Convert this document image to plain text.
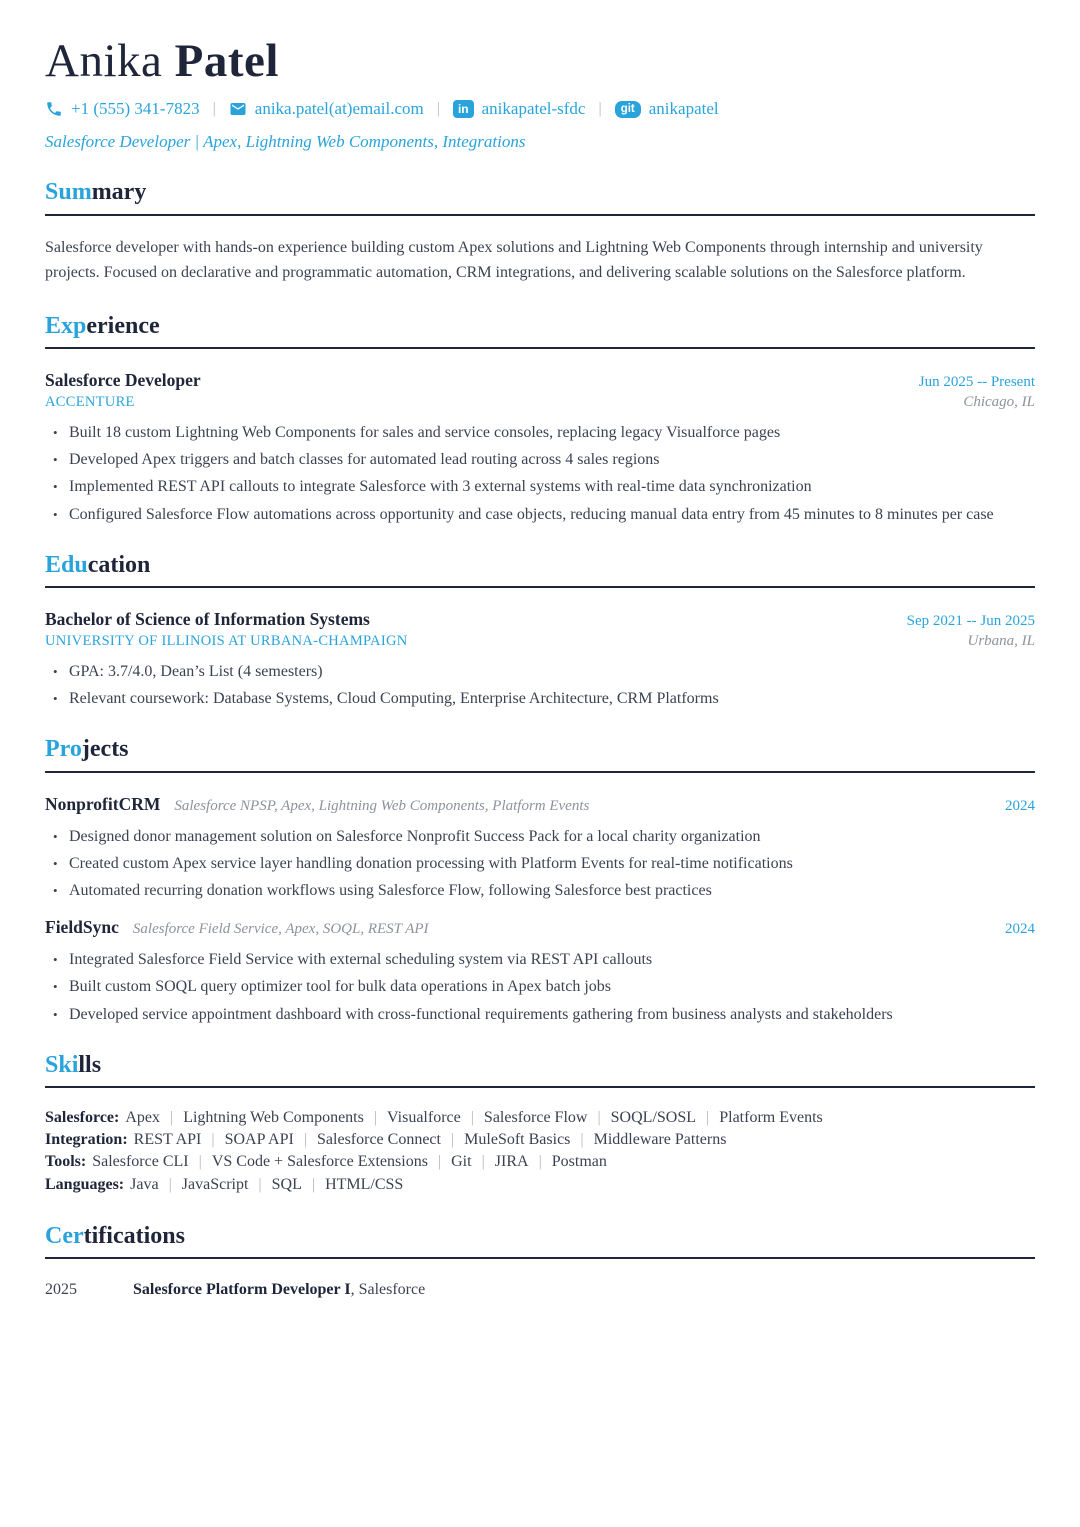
Anika Patel
+1 (555) 341-7823 | anika.patel(at)email.com |	in anikapatel-sfdc |	git anikapatel
Salesforce Developer | Apex, Lightning Web Components, Integrations
Summary

Salesforce developer with hands-on experience building custom Apex solutions and Lightning Web Components through internship and university projects. Focused on declarative and programmatic automation, CRM integrations, and delivering scalable solutions on the Salesforce platform.

Experience
Salesforce Developer	Jun 2025 -- Present
ACCENTURE	Chicago, IL
• Built 18 custom Lightning Web Components for sales and service consoles, replacing legacy Visualforce pages
• Developed Apex triggers and batch classes for automated lead routing across 4 sales regions
• Implemented REST API callouts to integrate Salesforce with 3 external systems with real-time data synchronization
• Configured Salesforce Flow automations across opportunity and case objects, reducing manual data entry from 45 minutes to 8 minutes per case
Education
Bachelor of Science of Information Systems	Sep 2021 -- Jun 2025
UNIVERSITY OF ILLINOIS AT URBANA-CHAMPAIGN	Urbana, IL
• GPA: 3.7/4.0, Dean’s List (4 semesters)
• Relevant coursework: Database Systems, Cloud Computing, Enterprise Architecture, CRM Platforms
Projects
NonprofitCRM Salesforce NPSP, Apex, Lightning Web Components, Platform Events	2024
• Designed donor management solution on Salesforce Nonprofit Success Pack for a local charity organization
• Created custom Apex service layer handling donation processing with Platform Events for real-time notifications
• Automated recurring donation workflows using Salesforce Flow, following Salesforce best practices
FieldSync Salesforce Field Service, Apex, SOQL, REST API	2024
• Integrated Salesforce Field Service with external scheduling system via REST API callouts
• Built custom SOQL query optimizer tool for bulk data operations in Apex batch jobs
• Developed service appointment dashboard with cross-functional requirements gathering from business analysts and stakeholders
Skills
Salesforce: Apex | Lightning Web Components | Visualforce | Salesforce Flow | SOQL/SOSL | Platform Events
Integration: REST API | SOAP API | Salesforce Connect | MuleSoft Basics | Middleware Patterns
Tools: Salesforce CLI | VS Code + Salesforce Extensions | Git | JIRA | Postman
Languages: Java | JavaScript | SQL | HTML/CSS
Certifications
2025	Salesforce Platform Developer I, Salesforce
